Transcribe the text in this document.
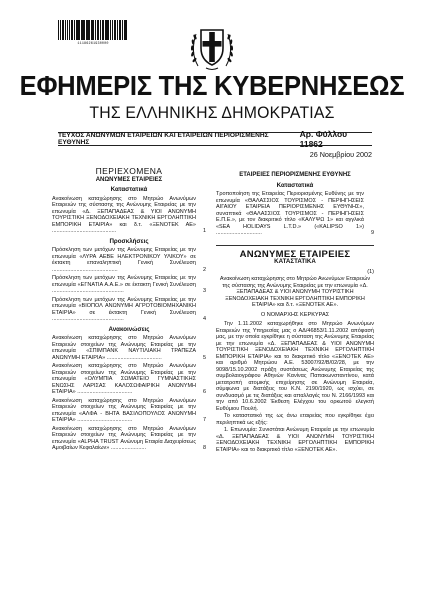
11186261930000
ΕΦΗΜΕΡΙΣ ΤΗΣ ΚΥΒΕΡΝΗΣΕΩΣ
ΤΗΣ ΕΛΛΗΝΙΚΗΣ ΔΗΜΟΚΡΑΤΙΑΣ
ΤΕΥΧΟΣ ΑΝΩΝΥΜΩΝ ΕΤΑΙΡΕΙΩΝ ΚΑΙ ΕΤΑΙΡΕΙΩΝ ΠΕΡΙΟΡΙΣΜΕΝΗΣ ΕΥΘΥΝΗΣ
Αρ. Φύλλου 11862
26 Νοεμβρίου 2002
ΠΕΡΙΕΧΟΜΕΝΑ
ΑΝΩΝΥΜΕΣ ΕΤΑΙΡΕΙΕΣ
Καταστατικά
Ανακοίνωση καταχώρησης στο Μητρώο Ανωνύμων Εταιρειών της σύστασης της Ανώνυμης Εταιρείας με την επωνυμία «Δ. ΞΕΠΑΠΑΔΕΑΣ & ΥΙΟΙ ΑΝΩΝΥΜΗ ΤΟΥΡΙΣΤΙΚΗ ΞΕΝΟΔΟΧΕΙΑΚΗ ΤΕΧΝΙΚΗ ΕΡΓΟΛΗΠΤΙΚΗ ΕΜΠΟΡΙΚΗ ΕΤΑΙΡΙΑ» και δ.τ. «ΞΕΝΟΤΕΚ ΑΕ» ..........................................	1
Προσκλήσεις
Πρόσκληση των μετόχων της Ανώνυμης Εταιρείας με την επωνυμία «ΛΥΡΑ ΑΕΒΕ ΗΛΕΚΤΡΟΝΙΚΟΥ ΥΛΙΚΟΥ» σε έκτακτη επαναληπτική Γενική Συνέλευση ...........................................	2
Πρόσκληση των μετόχων της Ανώνυμης Εταιρείας με την επωνυμία «ΕΓΝΑΤΙΑ Α.Α.Ε.» σε έκτακτη Γενική Συνέλευση ...............................................	3
Πρόσκληση των μετόχων της Ανώνυμης Εταιρείας με την επωνυμία «ΒΙΟΠΟΛ ΑΝΩΝΥΜΗ ΑΓΡΟΤΟΒΙΟΜΗΧΑΝΙΚΗ ΕΤΑΙΡΙΑ» σε έκτακτη Γενική Συνέλευση ...............................................	4
Ανακοινώσεις
Ανακοίνωση καταχώρησης στο Μητρώο Ανωνύμων Εταιρειών στοιχείων της Ανώνυμης Εταιρείας με την επωνυμία «ΣΠΙΜΠΑΝΚ ΝΑΥΤΙΛΙΑΚΗ ΤΡΑΠΕΖΑ ΑΝΩΝΥΜΗ ΕΤΑΙΡΙΑ» ....................................	5
Ανακοίνωση καταχώρησης στο Μητρώο Ανωνύμων Εταιρειών στοιχείων της Ανώνυμης Εταιρείας με την επωνυμία «ΟΛΥΜΠΙΑ ΣΩΜΑΤΕΙΟ ΓΥΜΝΑΣΤΙΚΗΣ ΕΝΩΣΗΣ ΛΑΡΙΣΑΣ ΚΑΛΟΣΩΦΑΙΡΙΚΗ ΑΝΩΝΥΜΗ ΕΤΑΙΡΙΑ» ....................................	6
Ανακοίνωση καταχώρησης στο Μητρώο Ανωνύμων Εταιρειών στοιχείων της Ανώνυμης Εταιρείας με την επωνυμία «ΑΛΦΑ - ΒΗΤΑ ΒΑΣΙΛΟΠΟΥΛΟΣ ΑΝΩΝΥΜΗ ΕΤΑΙΡΙΑ» ....................................	7
Ανακοίνωση καταχώρησης στο Μητρώο Ανωνύμων Εταιρειών στοιχείων της Ανώνυμης Εταιρείας με την επωνυμία «ALPHA TRUST Ανώνυμη Εταιρία Διαχειρίσεως Αμοιβαίων Κεφαλαίων» .......................	8
ΕΤΑΙΡΕΙΕΣ ΠΕΡΙΟΡΙΣΜΕΝΗΣ ΕΥΘΥΝΗΣ
Καταστατικά
Τροποποίηση της Εταιρείας Περιορισμένης Ευθύνης με την επωνυμία «ΘΑΛΑΣΣΙΟΣ ΤΟΥΡΙΣΜΟΣ - ΠΕΡΙΗΓΗΣΕΙΣ ΑΙΓΑΙΟΥ ΕΤΑΙΡΕΙΑ ΠΕΡΙΟΡΙΣΜΕΝΗΣ ΕΥΘΥΝΗΣ», συναπτικά «ΘΑΛΑΣΣΙΟΣ ΤΟΥΡΙΣΜΟΣ - ΠΕΡΙΗΓΗΣΕΙΣ Ε.Π.Ε.», με τον διακριτικό τίτλο «ΚΑΛΥΨΩ 1» και αγγλικά «SEA HOLIDAYS L.T.D.» («KALIPSO 1») ..............................	9
ΑΝΩΝΥΜΕΣ ΕΤΑΙΡΕΙΕΣ
ΚΑΤΑΣΤΑΤΙΚΑ
(1)
Ανακοίνωση καταχώρησης στο Μητρώο Ανωνύμων Εταιρειών της σύστασης της Ανώνυμης Εταιρείας με την επωνυμία «Δ. ΞΕΠΑΠΑΔΕΑΣ & ΥΙΟΙ ΑΝΩΝΥΜΗ ΤΟΥΡΙΣΤΙΚΗ ΞΕΝΟΔΟΧΕΙΑΚΗ ΤΕΧΝΙΚΗ ΕΡΓΟΛΗΠΤΙΚΗ ΕΜΠΟΡΙΚΗ ΕΤΑΙΡΙΑ» και δ.τ. «ΞΕΝΟΤΕΚ ΑΕ».
Ο ΝΟΜΑΡΧΗΣ ΚΕΡΚΥΡΑΣ
Την 1.11.2002 καταχωρήθηκε στο Μητρώο Ανωνύμων Εταιρειών της Υπηρεσίας μας ο ΑΔ/46853/1.11.2002 απόφασή μας, με την οποία εγκρίθηκε η σύσταση της Ανώνυμης Εταιρείας με την επωνυμία «Δ. ΞΕΠΑΠΑΔΕΑΣ & ΥΙΟΙ ΑΝΩΝΥΜΗ ΤΟΥΡΙΣΤΙΚΗ ΞΕΝΟΔΟΧΕΙΑΚΗ ΤΕΧΝΙΚΗ ΕΡΓΟΛΗΠΤΙΚΗ ΕΜΠΟΡΙΚΗ ΕΤΑΙΡΙΑ» και το διακριτικό τίτλο «ΞΕΝΟΤΕΚ ΑΕ» και αριθμό Μητρώου Α.Ε. 53007/92/Β/02/28, με την 9098/15.10.2002 πράξη συστάσεως Ανώνυμης Εταιρείας της συμβολαιογράφου Αθηνών Κανίνας Παπακωνσταντίνου, κατά μετατροπή ατομικής επιχείρησης σε Ανώνυμη Εταιρεία, σύμφωνα με διατάξεις του Κ.Ν. 2190/1920, ως ισχύει, σε συνδυασμό με τις διατάξεις και απαλλαγές του Ν. 2166/1993 και την από 10.6.2002 Έκθεση Ελέγχου του ορκωτού ελεγκτή Ευθύμιου Πουλή.
Το καταστατικό της ως άνω εταιρείας που εγκρίθηκε έχει περιληπτικά ως εξής:
1. Επωνυμία: Συνιστάται Ανώνυμη Εταιρεία με την επωνυμία «Δ. ΞΕΠΑΠΑΔΕΑΣ & ΥΙΟΙ ΑΝΩΝΥΜΗ ΤΟΥΡΙΣΤΙΚΗ ΞΕΝΟΔΟΧΕΙΑΚΗ ΤΕΧΝΙΚΗ ΕΡΓΟΛΗΠΤΙΚΗ ΕΜΠΟΡΙΚΗ ΕΤΑΙΡΙΑ» και το διακριτικό τίτλο «ΞΕΝΟΤΕΚ ΑΕ».
